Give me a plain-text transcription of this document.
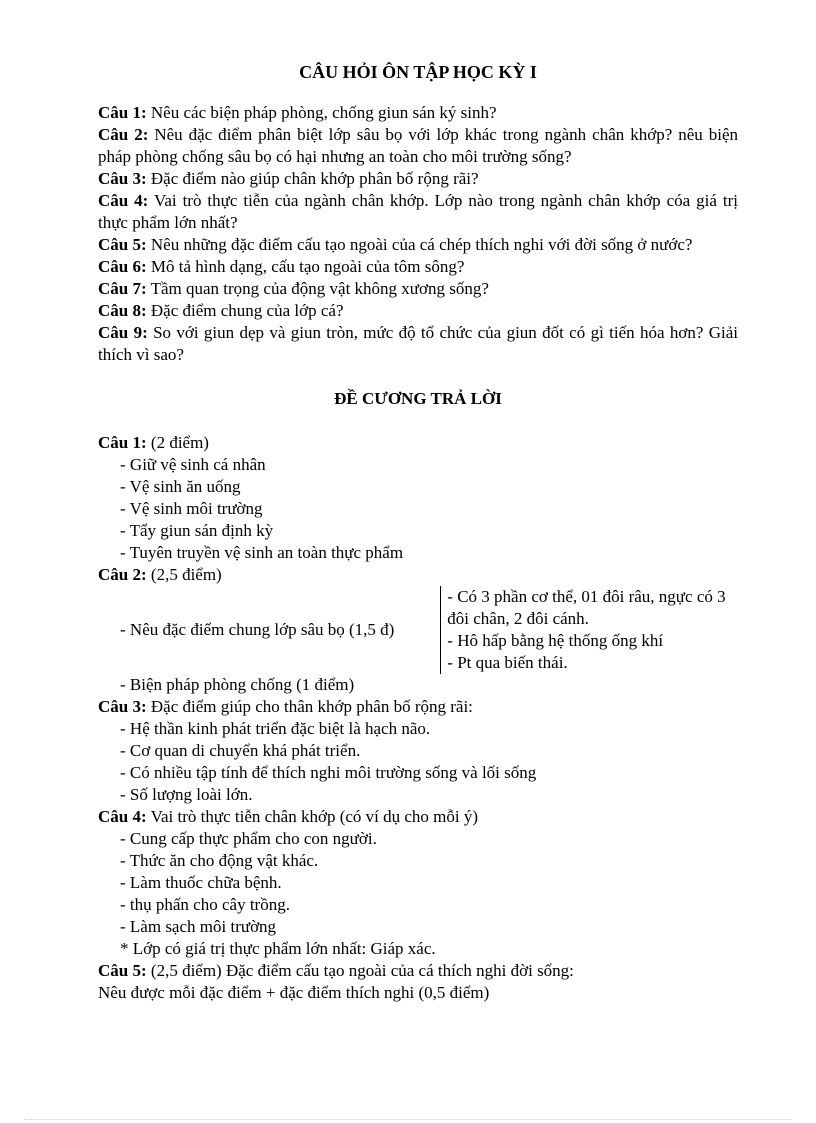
CÂU HỎI ÔN TẬP HỌC KỲ I

Câu 1: Nêu các biện pháp phòng, chống giun sán ký sinh?

Câu 2: Nêu đặc điểm phân biệt lớp sâu bọ với lớp khác trong ngành chân khớp? nêu biện pháp phòng chống sâu bọ có hại nhưng an toàn cho môi trường sống?

Câu 3: Đặc điểm nào giúp chân khớp phân bố rộng rãi?

Câu 4: Vai trò thực tiễn của ngành chân khớp. Lớp nào trong ngành chân khớp cóa giá trị thực phẩm lớn nhất?

Câu 5: Nêu những đặc điểm cấu tạo ngoài của cá chép thích nghi với đời sống ở nước?

Câu 6: Mô tả hình dạng, cấu tạo ngoài của tôm sông?

Câu 7: Tầm quan trọng của động vật không xương sống?

Câu 8: Đặc điểm chung của lớp cá?

Câu 9: So với giun dẹp và giun tròn, mức độ tổ chức của giun đốt có gì tiến hóa hơn? Giải thích vì sao?

ĐỀ CƯƠNG TRẢ LỜI

Câu 1: (2 điểm)

- Giữ vệ sinh cá nhân

- Vệ sinh ăn uống

- Vệ sinh môi trường

- Tẩy giun sán định kỳ

- Tuyên truyền vệ sinh an toàn thực phẩm

Câu 2: (2,5 điểm)

- Nêu đặc điểm chung lớp sâu bọ (1,5 đ)
- Có 3 phần cơ thể, 01 đôi râu, ngực có 3 đôi chân, 2 đôi cánh.
- Hô hấp bằng hệ thống ống khí
- Pt qua biến thái.

- Biện pháp phòng chống (1 điểm)

Câu 3: Đặc điểm giúp cho thân khớp phân bố rộng rãi:

- Hệ thần kinh phát triển đặc biệt là hạch não.

- Cơ quan di chuyển khá phát triển.

- Có nhiều tập tính để thích nghi môi trường sống và lối sống

- Số lượng loài lớn.

Câu 4: Vai trò thực tiễn chân khớp (có ví dụ cho mỗi ý)

- Cung cấp thực phẩm cho con người.

- Thức ăn cho động vật khác.

- Làm thuốc chữa bệnh.

- thụ phấn cho cây trồng.

- Làm sạch môi trường

* Lớp có giá trị thực phẩm lớn nhất: Giáp xác.

Câu 5: (2,5 điểm) Đặc điểm cấu tạo ngoài của cá thích nghi đời sống:

Nêu được mỗi đặc điểm + đặc điểm thích nghi (0,5 điểm)
